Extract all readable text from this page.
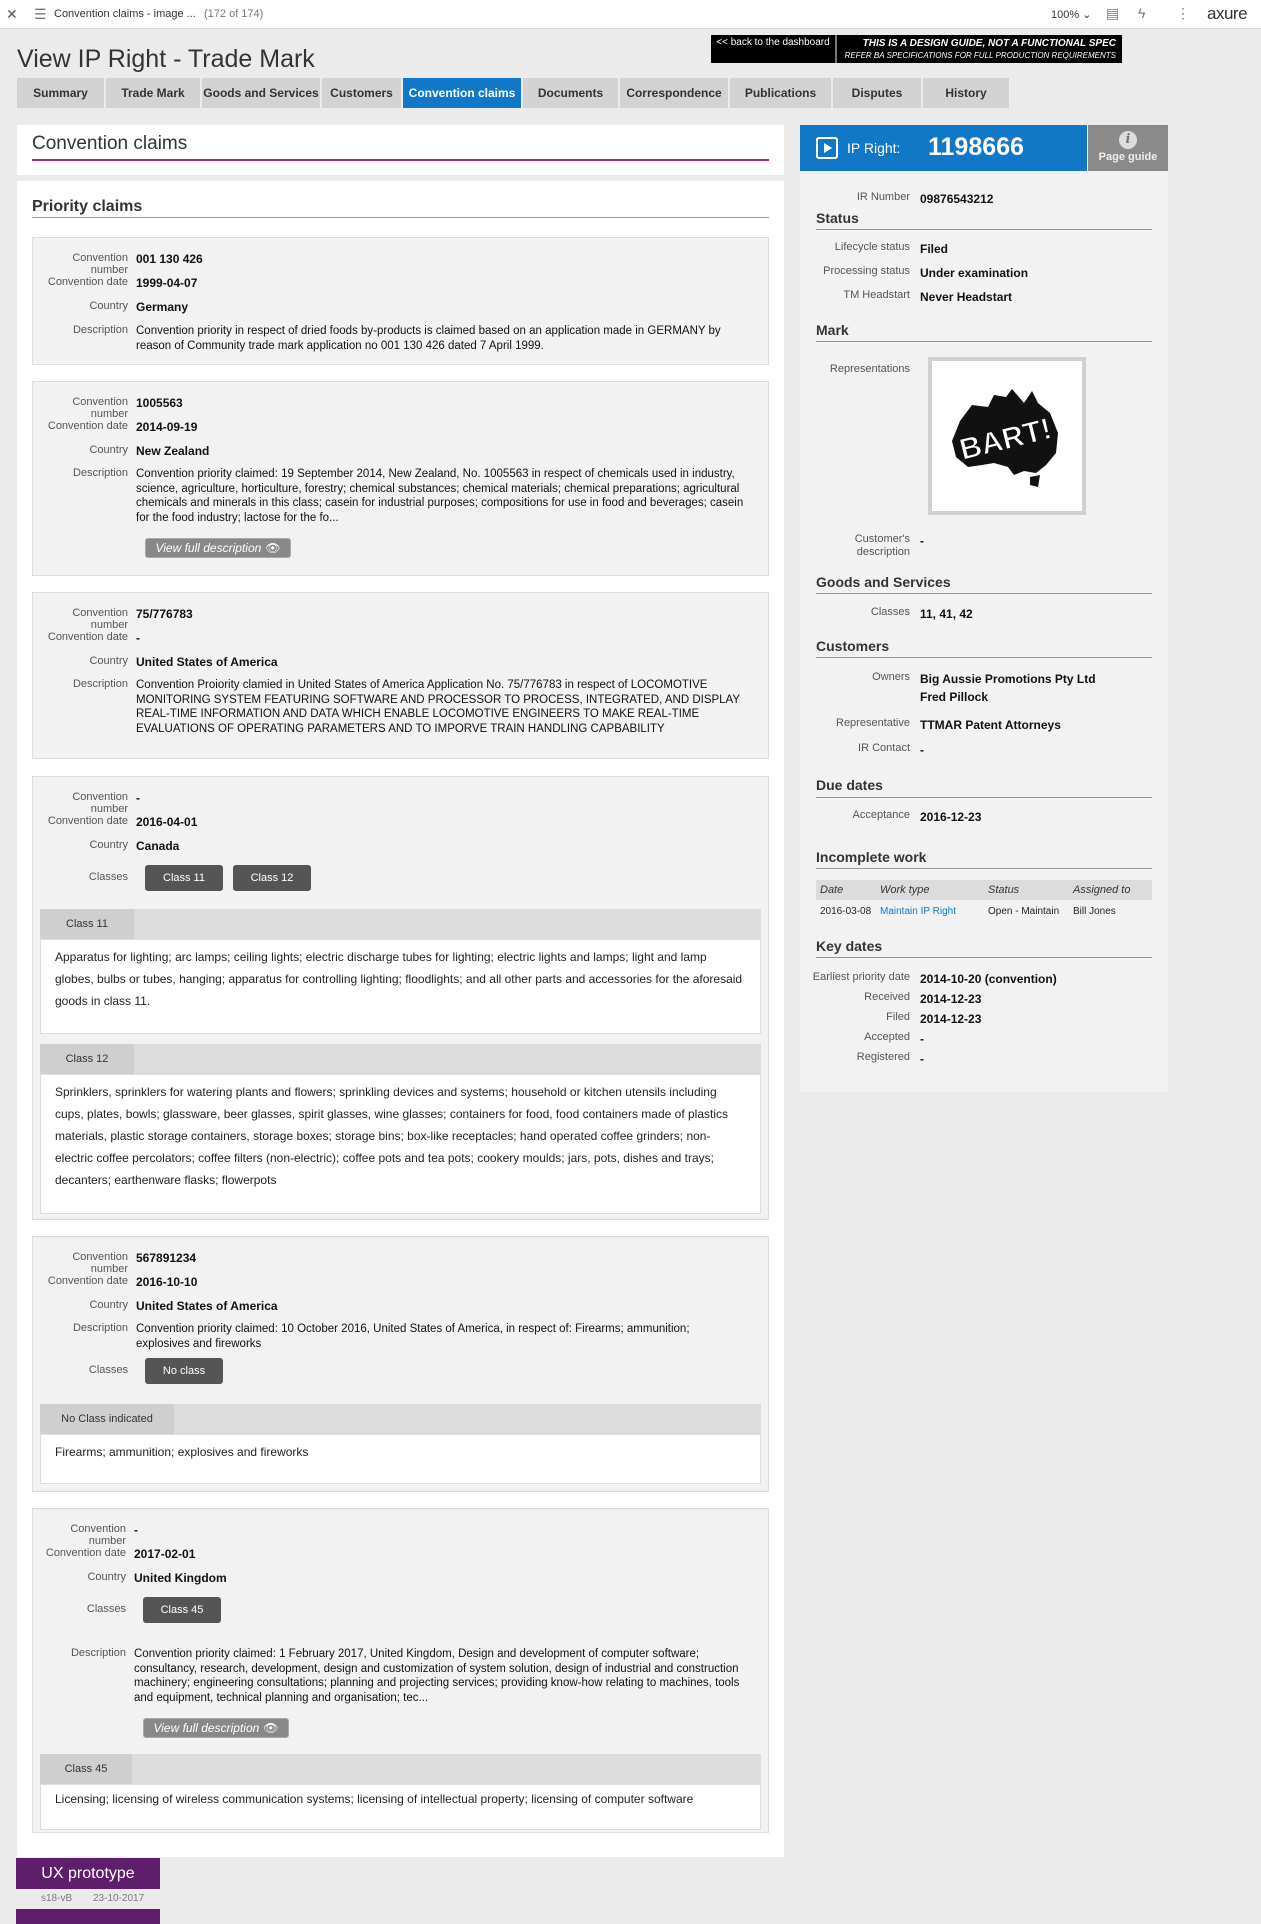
✕ ☰ Convention claims - image ... (172 of 174)	100% ⌄ ▤ ϟ ⋮ axure
View IP Right - Trade Mark
<< back to the dashboard	THIS IS A DESIGN GUIDE, NOT A FUNCTIONAL SPEC
REFER BA SPECIFICATIONS FOR FULL PRODUCTION REQUIREMENTS
Summary	Trade Mark	Goods and Services Customers	Convention claims	Documents	Correspondence	Publications	Disputes	History
Convention claims
Priority claims
Convention number
001 130 426
Convention date 1999-04-07
Country Germany
Description Convention priority in respect of dried foods by-products is claimed based on an application made in GERMANY by reason of Community trade mark application no 001 130 426 dated 7 April 1999.
Convention number
1005563
Convention date 2014-09-19
Country New Zealand
Description Convention priority claimed: 19 September 2014, New Zealand, No. 1005563 in respect of chemicals used in industry, science, agriculture, horticulture, forestry; chemical substances; chemical materials; chemical preparations; agricultural chemicals and minerals in this class; casein for industrial purposes; compositions for use in food and beverages; casein for the food industry; lactose for the fo...
View full description 👁
Convention number
75/776783
Convention date -
Country United States of America
Description Convention Proiority clamied in United States of America Application No. 75/776783 in respect of LOCOMOTIVE MONITORING SYSTEM FEATURING SOFTWARE AND PROCESSOR TO PROCESS, INTEGRATED, AND DISPLAY REAL-TIME INFORMATION AND DATA WHICH ENABLE LOCOMOTIVE ENGINEERS TO MAKE REAL-TIME EVALUATIONS OF OPERATING PARAMETERS AND TO IMPORVE TRAIN HANDLING CAPBABILITY
Convention number
-
Convention date 2016-04-01
Country Canada
Classes	Class 11	Class 12
Class 11
Apparatus for lighting; arc lamps; ceiling lights; electric discharge tubes for lighting; electric lights and lamps; light and lamp globes, bulbs or tubes, hanging; apparatus for controlling lighting; floodlights; and all other parts and accessories for the aforesaid goods in class 11.
Class 12
Sprinklers, sprinklers for watering plants and flowers; sprinkling devices and systems; household or kitchen utensils including cups, plates, bowls; glassware, beer glasses, spirit glasses, wine glasses; containers for food, food containers made of plastics materials, plastic storage containers, storage boxes; storage bins; box-like receptacles; hand operated coffee grinders; non-electric coffee percolators; coffee filters (non-electric); coffee pots and tea pots; cookery moulds; jars, pots, dishes and trays; decanters; earthenware flasks; flowerpots
Convention number
567891234
Convention date 2016-10-10
Country United States of America
Description Convention priority claimed: 10 October 2016, United States of America, in respect of: Firearms; ammunition; explosives and fireworks
Classes	No class
No Class indicated
Firearms; ammunition; explosives and fireworks
Convention number
-
Convention date 2017-02-01
Country United Kingdom
Classes	Class 45
Description Convention priority claimed: 1 February 2017, United Kingdom, Design and development of computer software; consultancy, research, development, design and customization of system solution, design of industrial and construction machinery; engineering consultations; planning and projecting services; providing know-how relating to machines, tools and equipment, technical planning and organisation; tec...
View full description 👁
Class 45
Licensing; licensing of wireless communication systems; licensing of intellectual property; licensing of computer software
IP Right: 1198666	i
Page guide
IR Number 09876543212
Status
Lifecycle status Filed
Processing status Under examination
TM Headstart Never Headstart
Mark
Representations
BART!
Customer's description
-
Goods and Services
Classes 11, 41, 42
Customers
Owners Big Aussie Promotions Pty Ltd
Fred Pillock
Representative TTMAR Patent Attorneys
IR Contact -
Due dates
Acceptance 2016-12-23
Incomplete work
Date	Work type	Status	Assigned to
2016-03-08 Maintain IP Right	Open - Maintain	Bill Jones
Key dates
Earliest priority date 2014-10-20 (convention)
Received 2014-12-23
Filed 2014-12-23
Accepted -
Registered -
UX prototype
s18-vB 23-10-2017
